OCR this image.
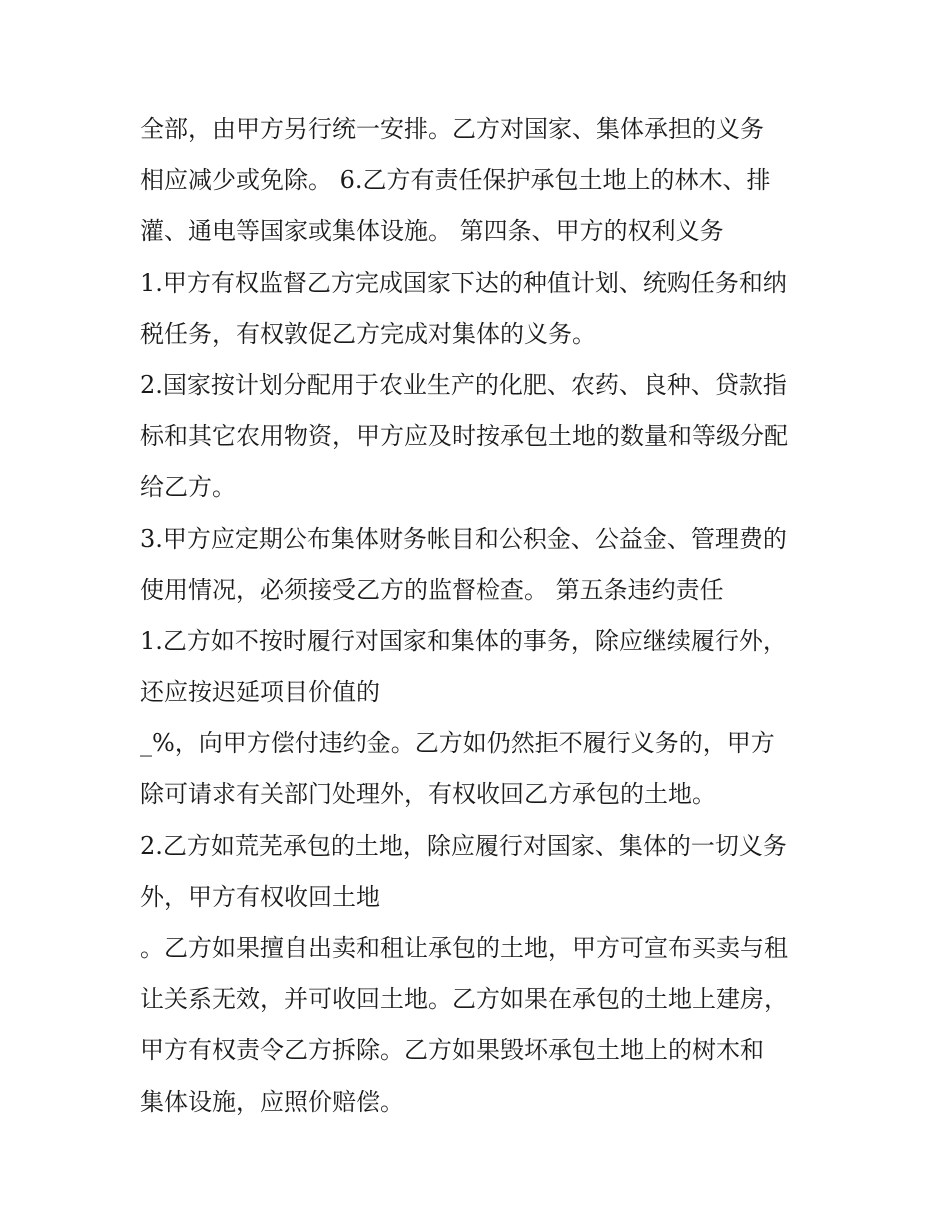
全部，由甲方另行统一安排。乙方对国家、集体承担的义务
相应减少或免除。 6.乙方有责任保护承包土地上的林木、排
灌、通电等国家或集体设施。 第四条、甲方的权利义务
1.甲方有权监督乙方完成国家下达的种值计划、统购任务和纳
税任务，有权敦促乙方完成对集体的义务。
2.国家按计划分配用于农业生产的化肥、农药、良种、贷款指
标和其它农用物资，甲方应及时按承包土地的数量和等级分配
给乙方。
3.甲方应定期公布集体财务帐目和公积金、公益金、管理费的
使用情况，必须接受乙方的监督检查。 第五条违约责任
1.乙方如不按时履行对国家和集体的事务，除应继续履行外，
还应按迟延项目价值的
_%，向甲方偿付违约金。乙方如仍然拒不履行义务的，甲方
除可请求有关部门处理外，有权收回乙方承包的土地。
2.乙方如荒芜承包的土地，除应履行对国家、集体的一切义务
外，甲方有权收回土地
。乙方如果擅自出卖和租让承包的土地，甲方可宣布买卖与租
让关系无效，并可收回土地。乙方如果在承包的土地上建房，
甲方有权责令乙方拆除。乙方如果毁坏承包土地上的树木和
集体设施，应照价赔偿。
